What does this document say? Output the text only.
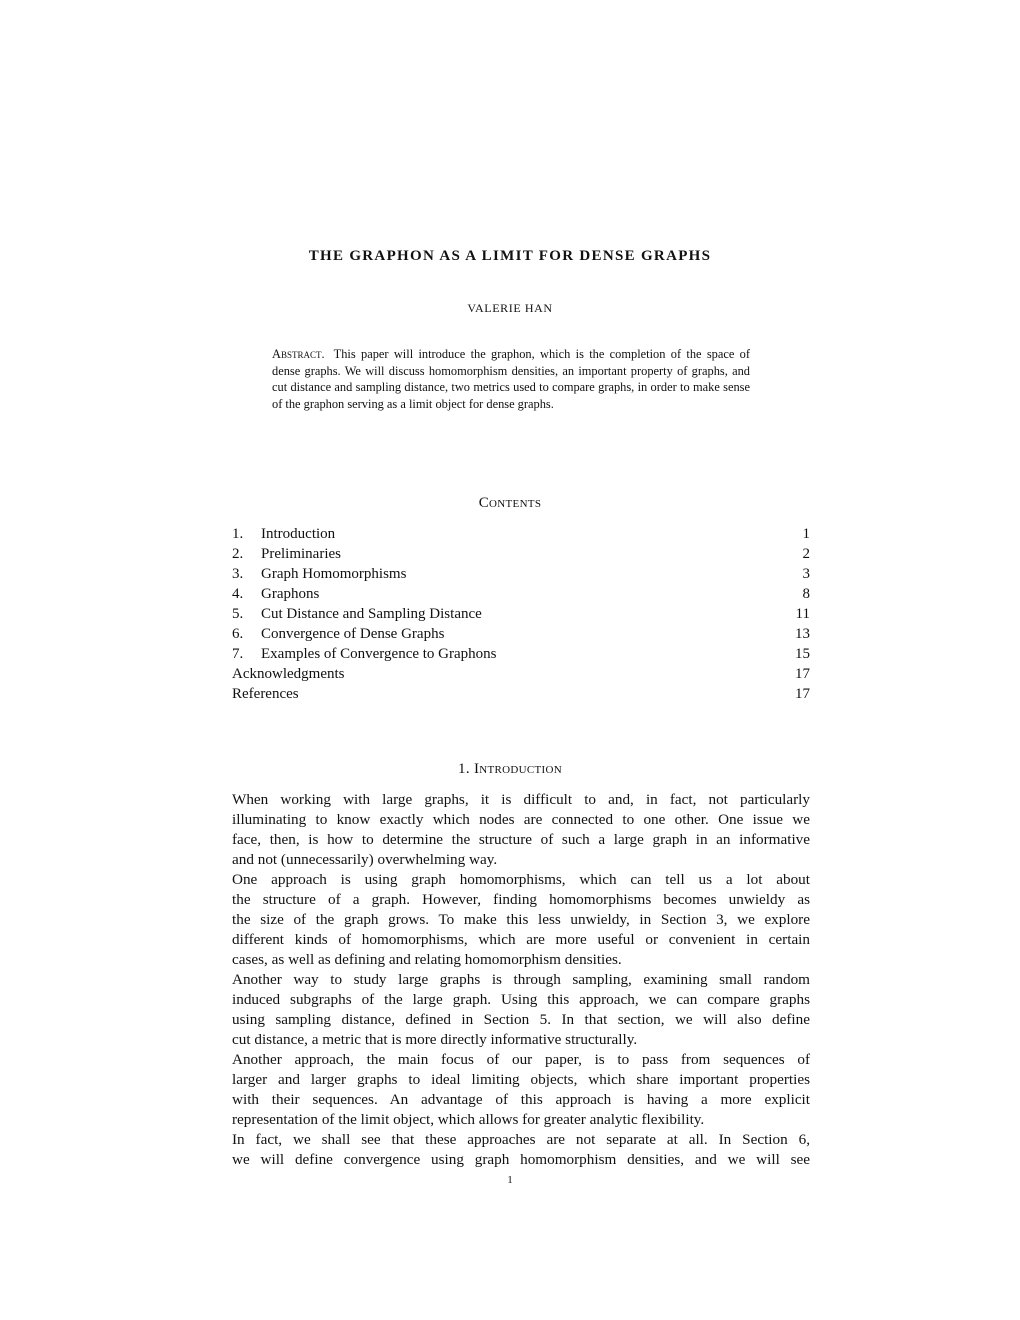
THE GRAPHON AS A LIMIT FOR DENSE GRAPHS
VALERIE HAN

Abstract. This paper will introduce the graphon, which is the completion of the space of dense graphs. We will discuss homomorphism densities, an important property of graphs, and cut distance and sampling distance, two metrics used to compare graphs, in order to make sense of the graphon serving as a limit object for dense graphs.

Contents
1.	Introduction	1
2.	Preliminaries	2
3.	Graph Homomorphisms	3
4.	Graphons	8
5.	Cut Distance and Sampling Distance	11
6.	Convergence of Dense Graphs	13
7.	Examples of Convergence to Graphons	15
Acknowledgments	17
References	17
1. Introduction
When working with large graphs, it is difficult to and, in fact, not particularly
illuminating to know exactly which nodes are connected to one other. One issue we
face, then, is how to determine the structure of such a large graph in an informative
and not (unnecessarily) overwhelming way.
One approach is using graph homomorphisms, which can tell us a lot about
the structure of a graph. However, finding homomorphisms becomes unwieldy as
the size of the graph grows. To make this less unwieldy, in Section 3, we explore
different kinds of homomorphisms, which are more useful or convenient in certain
cases, as well as defining and relating homomorphism densities.
Another way to study large graphs is through sampling, examining small random
induced subgraphs of the large graph. Using this approach, we can compare graphs
using sampling distance, defined in Section 5. In that section, we will also define
cut distance, a metric that is more directly informative structurally.
Another approach, the main focus of our paper, is to pass from sequences of
larger and larger graphs to ideal limiting objects, which share important properties
with their sequences. An advantage of this approach is having a more explicit
representation of the limit object, which allows for greater analytic flexibility.
In fact, we shall see that these approaches are not separate at all. In Section 6,
we will define convergence using graph homomorphism densities, and we will see
1
